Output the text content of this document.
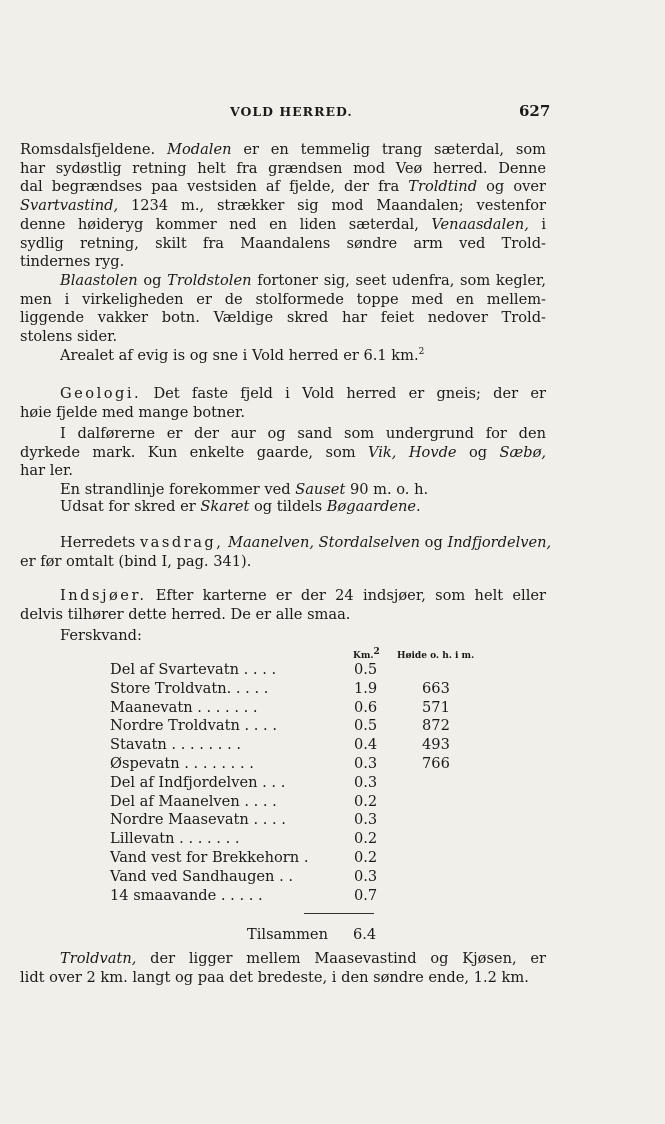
VOLD HERRED.	627
Romsdalsfjeldene. Modalen er en temmelig trang sæterdal, som
har sydøstlig retning helt fra grændsen mod Veø herred. Denne
dal begrændses paa vestsiden af fjelde, der fra Troldtind og over
Svartvastind, 1234 m., strækker sig mod Maandalen; vestenfor
denne høideryg kommer ned en liden sæterdal, Venaasdalen, i
sydlig retning, skilt fra Maandalens søndre arm ved Trold-
tindernes ryg.
Blaastolen og Troldstolen fortoner sig, seet udenfra, som kegler,
men i virkeligheden er de stolformede toppe med en mellem-
liggende vakker botn. Vældige skred har feiet nedover Trold-
stolens sider.
Arealet af evig is og sne i Vold herred er 6.1 km.$^2$
Geologi. Det faste fjeld i Vold herred er gneis; der er
høie fjelde med mange botner.
I dalførerne er der aur og sand som undergrund for den
dyrkede mark. Kun enkelte gaarde, som Vik, Hovde og Sæbø,
har ler.
En strandlinje forekommer ved Sauset 90 m. o. h.
Udsat for skred er Skaret og tildels Bøgaardene.
Herredets vasdrag, Maanelven, Stordalselven og Indfjordelven,
er før omtalt (bind I, pag. 341).
Indsjøer. Efter karterne er der 24 indsjøer, som helt eller
delvis tilhører dette herred. De er alle smaa.
Ferskvand:
Km.$^2$ Høide o. h. i m.
Del af Svartevatn . . . .	0.5
Store Troldvatn. . . . .	1.9	663
Maanevatn . . . . . . .	0.6	571
Nordre Troldvatn . . . .	0.5	872
Stavatn . . . . . . . .	0.4	493
Øspevatn . . . . . . . .	0.3	766
Del af Indfjordelven . . .	0.3
Del af Maanelven . . . .	0.2
Nordre Maasevatn . . . .	0.3
Lillevatn . . . . . . .	0.2
Vand vest for Brekkehorn .	0.2
Vand ved Sandhaugen . .	0.3
14 smaavande . . . . .	0.7
Tilsammen 6.4
Troldvatn, der ligger mellem Maasevastind og Kjøsen, er
lidt over 2 km. langt og paa det bredeste, i den søndre ende, 1.2 km.
